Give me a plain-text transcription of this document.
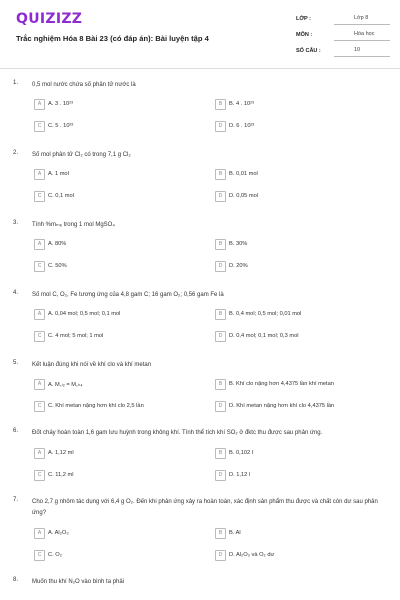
QUIZIZZ
Trắc nghiệm Hóa 8 Bài 23 (có đáp án): Bài luyện tập 4
LỚP :	Lớp 8
MÔN :	Hóa học
SỐ CÂU :	10
1. 0,5 mol nước chứa số phân tử nước là
A	A. 3 . 10²³	B	B. 4 . 10²³
C	C. 5 . 10²³	D	D. 6 . 10²³
2. Số mol phân tử Cl₂ có trong 7,1 g Cl₂
A	A. 1 mol	B	B. 0,01 mol
C	C. 0,1 mol	D	D. 0,05 mol
3. Tính %mₘₑ trong 1 mol MgSO₄
A	A. 80%	B	B. 30%
C	C. 50%	D	D. 20%
4. Số mol C, O₂, Fe tương ứng của 4,8 gam C; 16 gam O₂; 0,56 gam Fe là
A	A. 0,04 mol; 0,5 mol; 0,1 mol	B	B. 0,4 mol; 0,5 mol; 0,01 mol
C	C. 4 mol; 5 mol; 1 mol	D	D. 0,4 mol; 0,1 mol; 0,3 mol
5. Kết luận đúng khi nói về khí clo và khí metan
A	A. M꜀ₗ₂ = M꜀ₕ₄	B	B. Khí clo nặng hơn 4,4375 lần khí metan
C	C. Khí metan nặng hơn khí clo 2,5 lần	D	D. Khí metan nặng hơn khí clo 4,4375 lần
6. Đốt cháy hoàn toàn 1,6 gam lưu huỳnh trong không khí. Tính thể tích khí SO₂ ở đktc thu được sau phản ứng.
A	A. 1,12 ml	B	B. 0,102 l
C	C. 11,2 ml	D	D. 1,12 l
7. Cho 2,7 g nhôm tác dụng với 6,4 g O₂. Đến khi phản ứng xảy ra hoàn toàn, xác định sản phẩm thu được và chất còn dư sau phản ứng?
A	A. Al₂O₃	B	B. Al
C	C. O₂	D	D. Al₂O₃ và O₂ dư
8. Muốn thu khí N₂O vào bình ta phải
